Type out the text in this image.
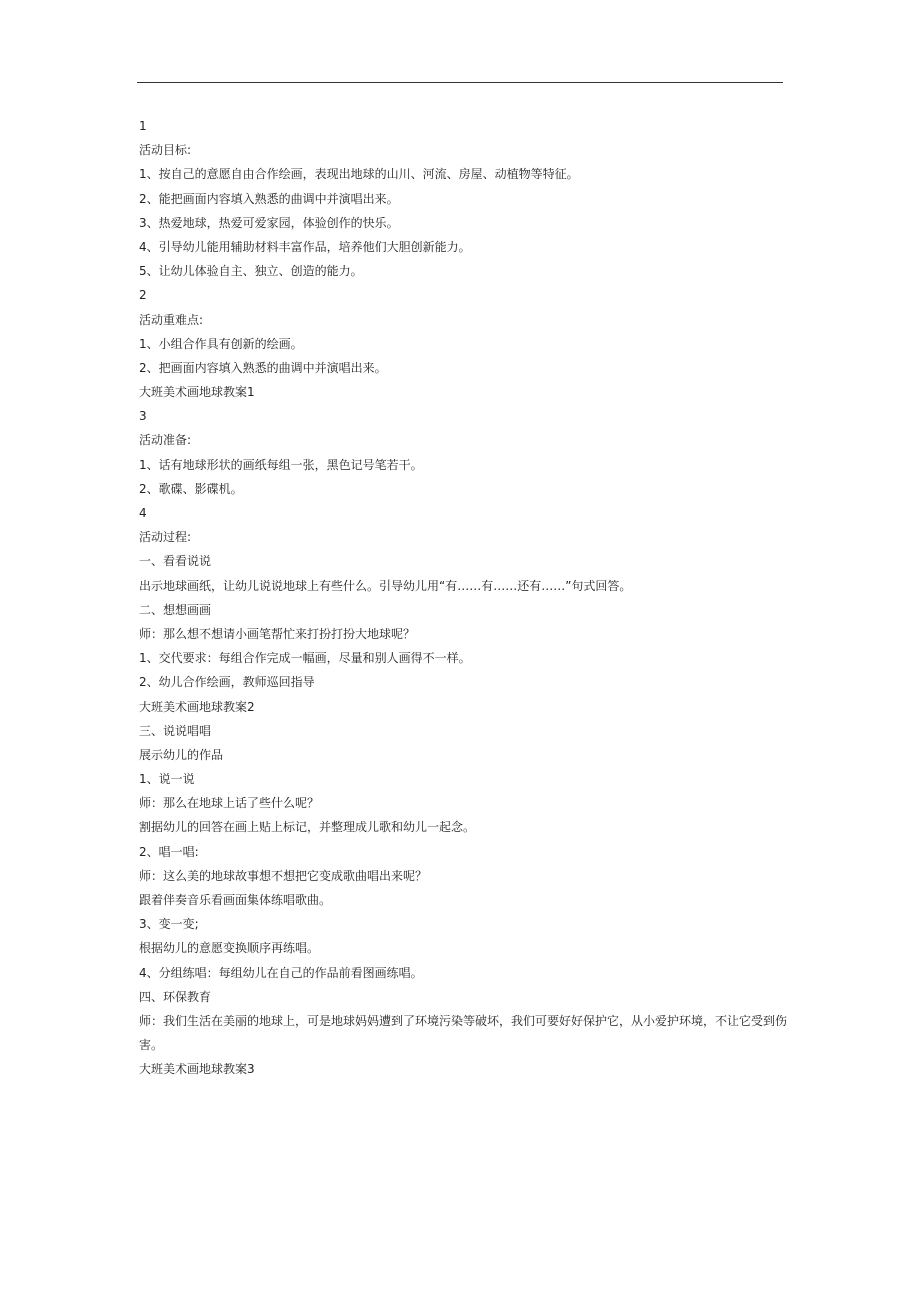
1
活动目标:
1、按自己的意愿自由合作绘画，表现出地球的山川、河流、房屋、动植物等特征。
2、能把画面内容填入熟悉的曲调中并演唱出来。
3、热爱地球，热爱可爱家园，体验创作的快乐。
4、引导幼儿能用辅助材料丰富作品，培养他们大胆创新能力。
5、让幼儿体验自主、独立、创造的能力。
2
活动重难点:
1、小组合作具有创新的绘画。
2、把画面内容填入熟悉的曲调中并演唱出来。
大班美术画地球教案1
3
活动准备:
1、话有地球形状的画纸每组一张，黑色记号笔若干。
2、歌碟、影碟机。
4
活动过程:
一、看看说说
出示地球画纸，让幼儿说说地球上有些什么。引导幼儿用“有……有……还有……”句式回答。
二、想想画画
师：那么想不想请小画笔帮忙来打扮打扮大地球呢？
1、交代要求：每组合作完成一幅画，尽量和别人画得不一样。
2、幼儿合作绘画，教师巡回指导
大班美术画地球教案2
三、说说唱唱
展示幼儿的作品
1、说一说
师：那么在地球上话了些什么呢？
割据幼儿的回答在画上贴上标记，并整理成儿歌和幼儿一起念。
2、唱一唱:
师：这么美的地球故事想不想把它变成歌曲唱出来呢？
跟着伴奏音乐看画面集体练唱歌曲。
3、变一变;
根据幼儿的意愿变换顺序再练唱。
4、分组练唱：每组幼儿在自己的作品前看图画练唱。
四、环保教育
师：我们生活在美丽的地球上，可是地球妈妈遭到了环境污染等破坏，我们可要好好保护它，从小爱护环境，不让它受到伤害。
大班美术画地球教案3
